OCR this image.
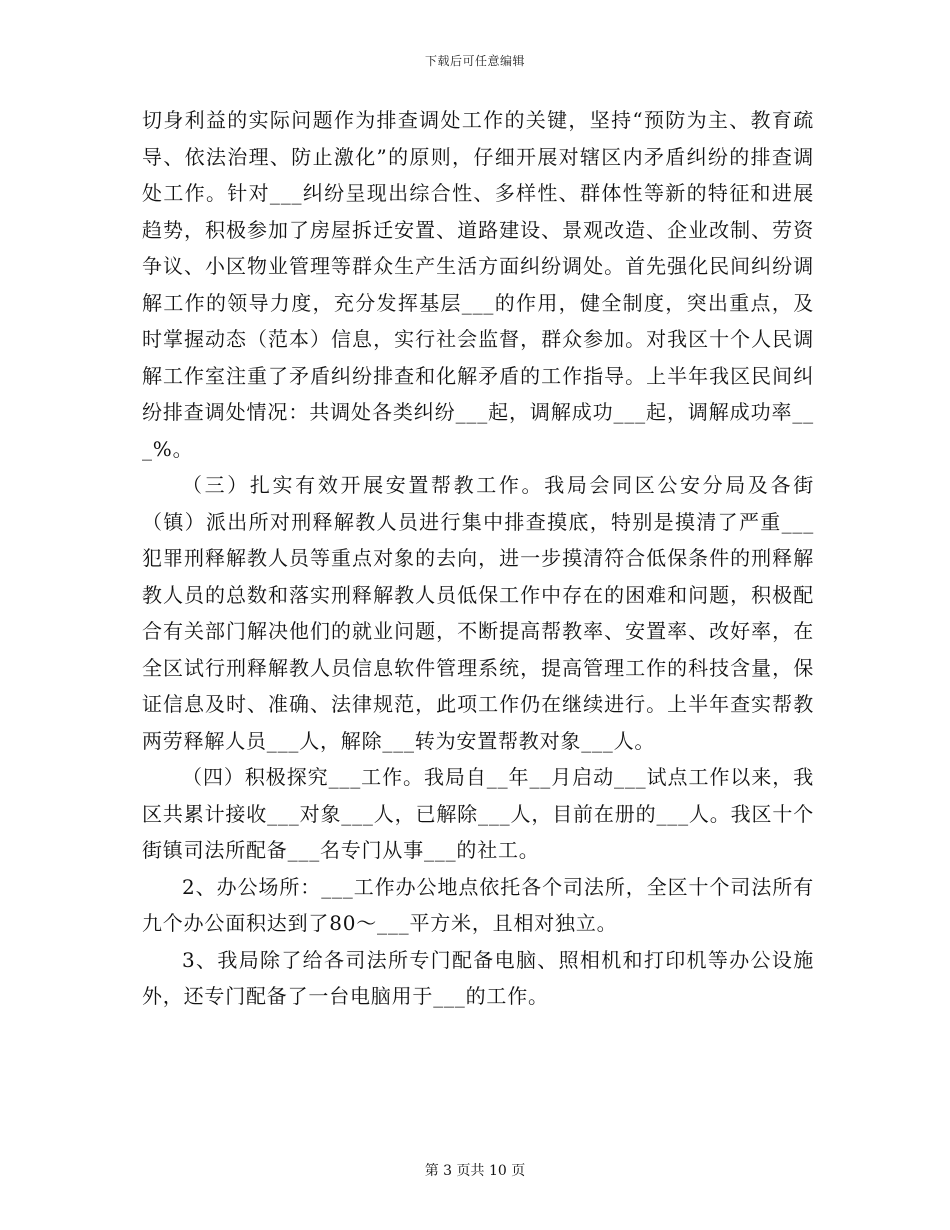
下载后可任意编辑

切身利益的实际问题作为排查调处工作的关键，坚持“预防为主、教育疏导、依法治理、防止激化”的原则，仔细开展对辖区内矛盾纠纷的排查调处工作。针对___纠纷呈现出综合性、多样性、群体性等新的特征和进展趋势，积极参加了房屋拆迁安置、道路建设、景观改造、企业改制、劳资争议、小区物业管理等群众生产生活方面纠纷调处。首先强化民间纠纷调解工作的领导力度，充分发挥基层___的作用，健全制度，突出重点，及时掌握动态（范本）信息，实行社会监督，群众参加。对我区十个人民调解工作室注重了矛盾纠纷排查和化解矛盾的工作指导。上半年我区民间纠纷排查调处情况：共调处各类纠纷___起，调解成功___起，调解成功率___%。

（三）扎实有效开展安置帮教工作。我局会同区公安分局及各街（镇）派出所对刑释解教人员进行集中排查摸底，特别是摸清了严重___犯罪刑释解教人员等重点对象的去向，进一步摸清符合低保条件的刑释解教人员的总数和落实刑释解教人员低保工作中存在的困难和问题，积极配合有关部门解决他们的就业问题，不断提高帮教率、安置率、改好率，在全区试行刑释解教人员信息软件管理系统，提高管理工作的科技含量，保证信息及时、准确、法律规范，此项工作仍在继续进行。上半年查实帮教两劳释解人员___人，解除___转为安置帮教对象___人。

（四）积极探究___工作。我局自__年__月启动___试点工作以来，我区共累计接收___对象___人，已解除___人，目前在册的___人。我区十个街镇司法所配备___名专门从事___的社工。

2、办公场所：___工作办公地点依托各个司法所，全区十个司法所有九个办公面积达到了80～___平方米，且相对独立。

3、我局除了给各司法所专门配备电脑、照相机和打印机等办公设施外，还专门配备了一台电脑用于___的工作。

第 3 页共 10 页
